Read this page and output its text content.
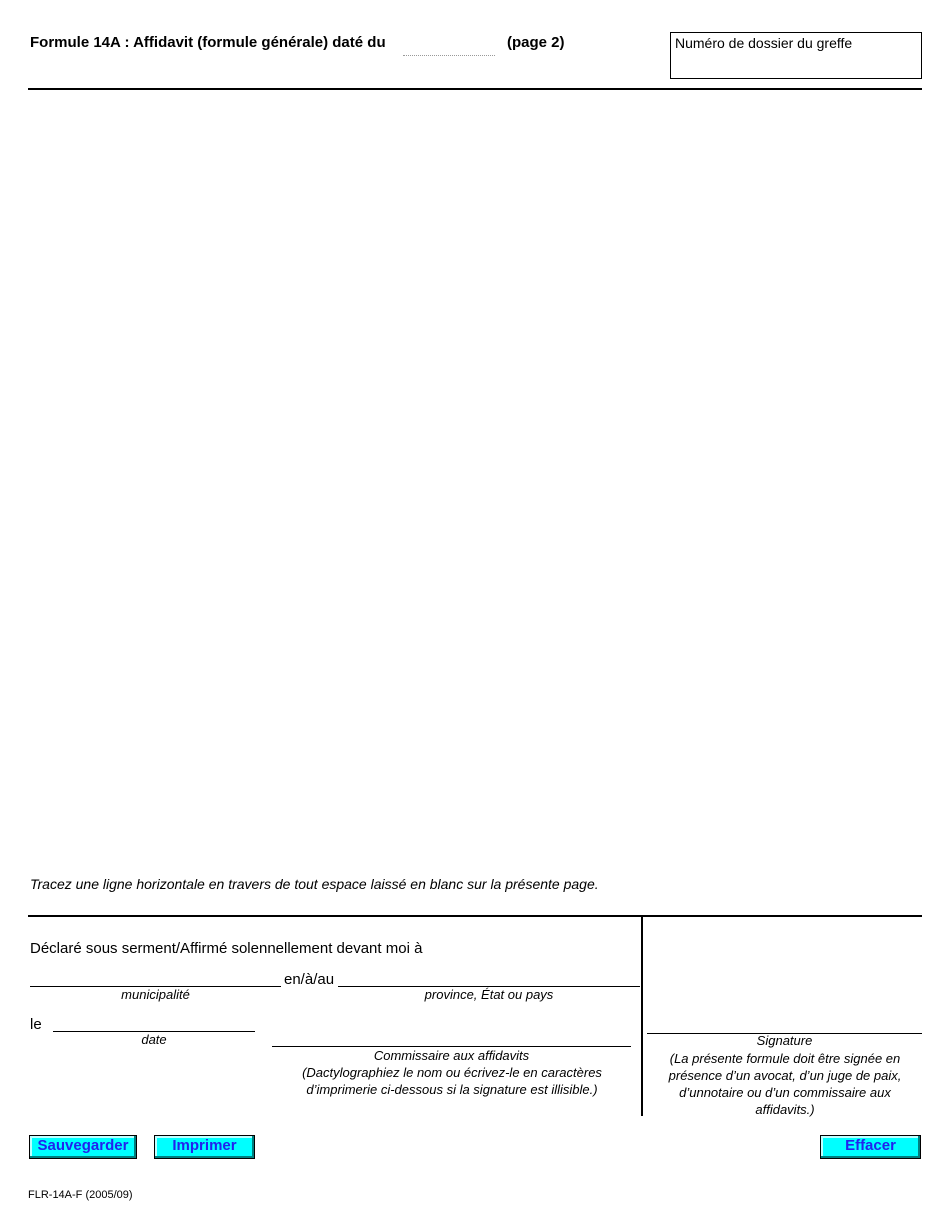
Formule 14A : Affidavit (formule générale) daté du	(page 2)	Numéro de dossier du greffe
Tracez une ligne horizontale en travers de tout espace laissé en blanc sur la présente page.
Déclaré sous serment/Affirmé solennellement devant moi à
municipalité
en/à/au
province, État ou pays
le
date
Commissaire aux affidavits
(Dactylographiez le nom ou écrivez-le en caractères d’imprimerie ci-dessous si la signature est illisible.)
Signature
(La présente formule doit être signée en présence d’un avocat, d’un juge de paix, d’unnotaire ou d’un commissaire aux affidavits.)
Sauvegarder	Imprimer	Effacer
FLR-14A-F (2005/09)
